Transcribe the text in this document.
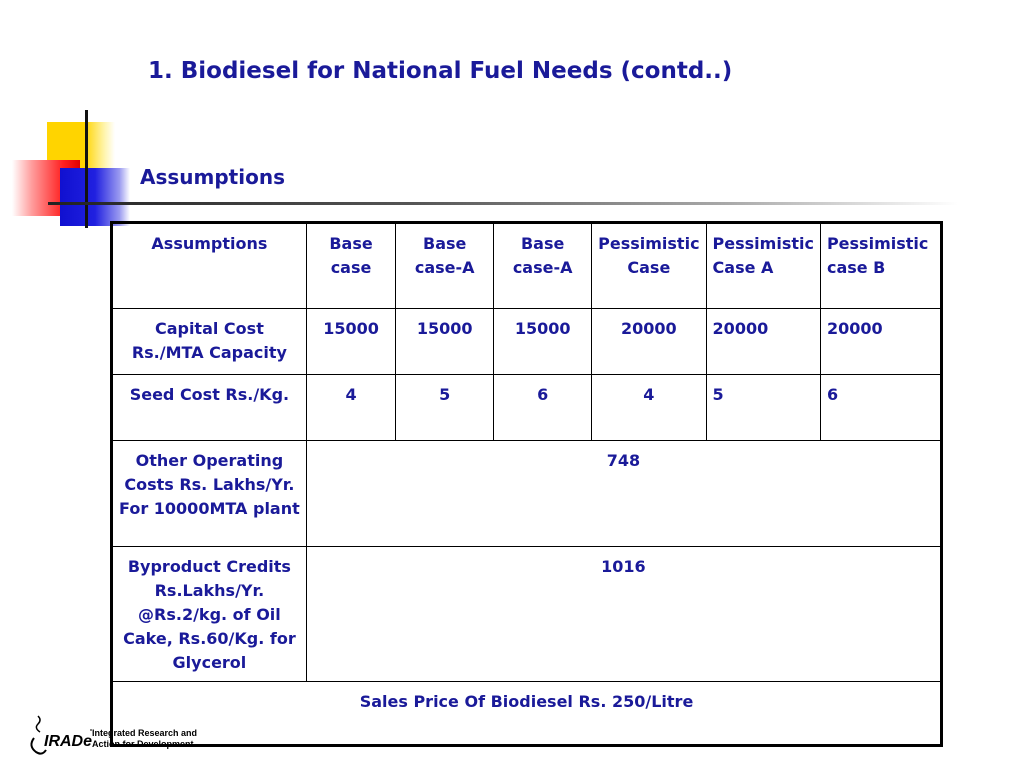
1. Biodiesel for National Fuel Needs (contd..)
Assumptions
Assumptions	Base case	Base case-A	Base case-A	Pessimistic Case	Pessimistic Case A	Pessimistic case B
Capital Cost Rs./MTA Capacity	15000	15000	15000	20000	20000	20000
Seed Cost Rs./Kg.	4	5	6	4	5	6
Other Operating Costs Rs. Lakhs/Yr. For 10000MTA plant	748					
Byproduct Credits Rs.Lakhs/Yr. @Rs.2/kg. of Oil Cake, Rs.60/Kg. for Glycerol	1016					
Sales Price Of Biodiesel Rs. 250/Litre						
IRADe Integrated Research and
Action for Development
